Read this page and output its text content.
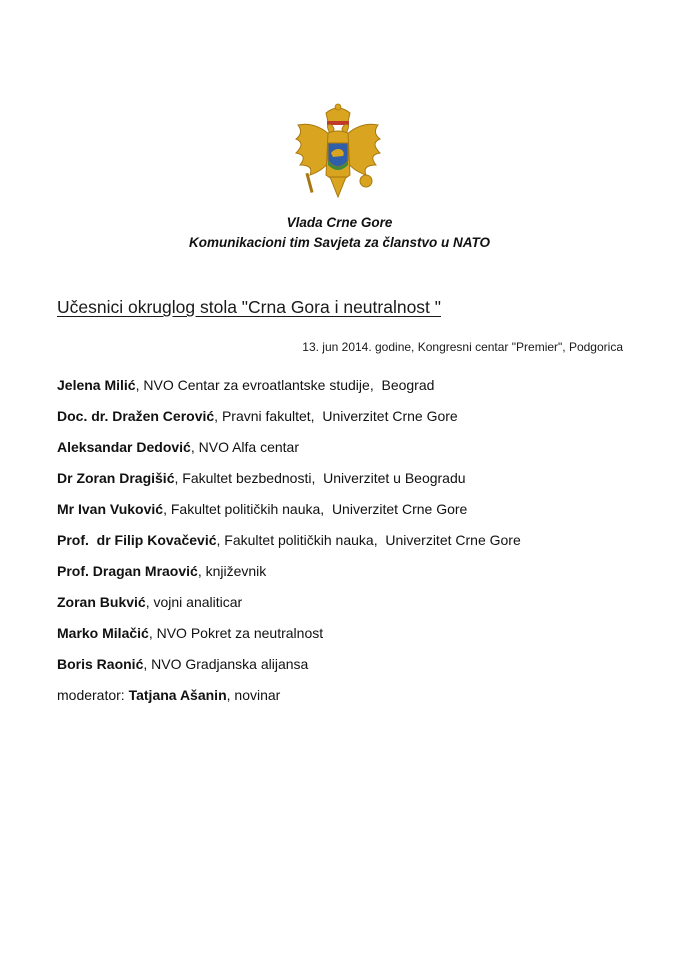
Vlada Crne Gore
Komunikacioni tim Savjeta za članstvo u NATO
Učesnici okruglog stola "Crna Gora i neutralnost "
13. jun 2014. godine, Kongresni centar "Premier", Podgorica
Jelena Milić, NVO Centar za evroatlantske studije,  Beograd
Doc. dr. Dražen Cerović, Pravni fakultet,  Univerzitet Crne Gore
Aleksandar Dedović, NVO Alfa centar
Dr Zoran Dragišić, Fakultet bezbednosti,  Univerzitet u Beogradu
Mr Ivan Vuković, Fakultet političkih nauka,  Univerzitet Crne Gore
Prof.  dr Filip Kovačević, Fakultet političkih nauka,  Univerzitet Crne Gore
Prof. Dragan Mraović, književnik
Zoran Bukvić, vojni analiticar
Marko Milačić, NVO Pokret za neutralnost
Boris Raonić, NVO Gradjanska alijansa
moderator: Tatjana Ašanin, novinar
